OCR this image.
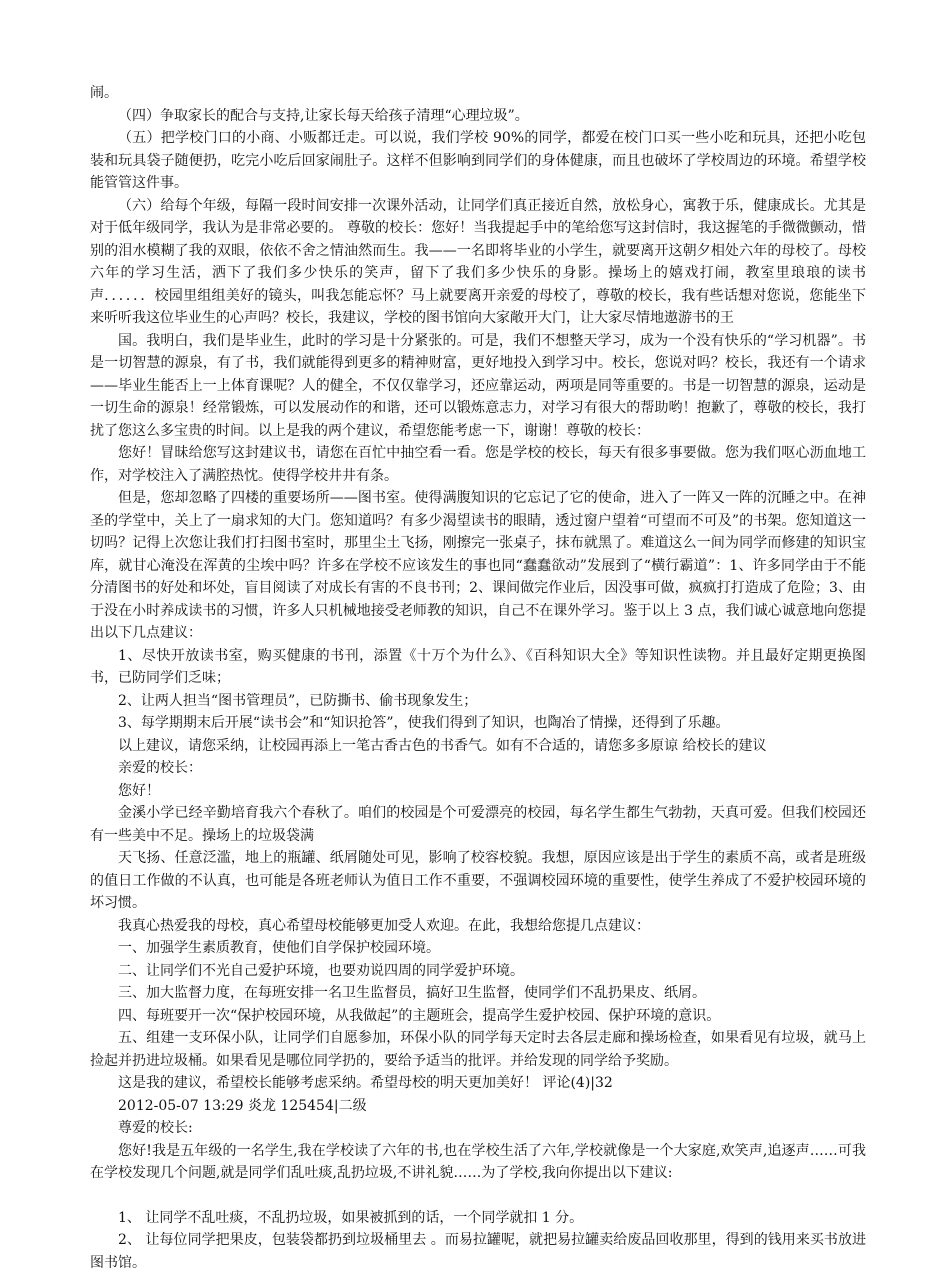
闹。

（四）争取家长的配合与支持,让家长每天给孩子清理“心理垃圾”。

（五）把学校门口的小商、小贩都迁走。可以说，我们学校 90%的同学，都爱在校门口买一些小吃和玩具，还把小吃包装和玩具袋子随便扔，吃完小吃后回家闹肚子。这样不但影响到同学们的身体健康，而且也破坏了学校周边的环境。希望学校能管管这件事。

（六）给每个年级，每隔一段时间安排一次课外活动，让同学们真正接近自然，放松身心，寓教于乐，健康成长。尤其是对于低年级同学，我认为是非常必要的。 尊敬的校长：您好！当我提起手中的笔给您写这封信时，我这握笔的手微微颤动，惜别的泪水模糊了我的双眼，依依不舍之情油然而生。我——一名即将毕业的小学生，就要离开这朝夕相处六年的母校了。母校六年的学习生活，洒下了我们多少快乐的笑声，留下了我们多少快乐的身影。操场上的嬉戏打闹，教室里琅琅的读书声．．．．．．校园里组组美好的镜头，叫我怎能忘怀？马上就要离开亲爱的母校了，尊敬的校长，我有些话想对您说，您能坐下来听听我这位毕业生的心声吗？校长，我建议，学校的图书馆向大家敞开大门，让大家尽情地遨游书的王

国。我明白，我们是毕业生，此时的学习是十分紧张的。可是，我们不想整天学习，成为一个没有快乐的“学习机器”。书是一切智慧的源泉，有了书，我们就能得到更多的精神财富，更好地投入到学习中。校长，您说对吗？校长，我还有一个请求——毕业生能否上一上体育课呢？人的健全，不仅仅靠学习，还应靠运动，两项是同等重要的。书是一切智慧的源泉，运动是一切生命的源泉！经常锻炼，可以发展动作的和谐，还可以锻炼意志力，对学习有很大的帮助哟！抱歉了，尊敬的校长，我打扰了您这么多宝贵的时间。以上是我的两个建议，希望您能考虑一下，谢谢！尊敬的校长：

您好！冒昧给您写这封建议书，请您在百忙中抽空看一看。您是学校的校长，每天有很多事要做。您为我们呕心沥血地工作，对学校注入了满腔热忱。使得学校井井有条。

但是，您却忽略了四楼的重要场所——图书室。使得满腹知识的它忘记了它的使命，进入了一阵又一阵的沉睡之中。在神圣的学堂中，关上了一扇求知的大门。您知道吗？有多少渴望读书的眼睛，透过窗户望着“可望而不可及”的书架。您知道这一切吗？记得上次您让我们打扫图书室时，那里尘土飞扬，刚擦完一张桌子，抹布就黑了。难道这么一间为同学而修建的知识宝库，就甘心淹没在浑黄的尘埃中吗？许多在学校不应该发生的事也同“蠢蠢欲动”发展到了“横行霸道”：1、许多同学由于不能分清图书的好处和坏处，盲目阅读了对成长有害的不良书刊；2、课间做完作业后，因没事可做，疯疯打打造成了危险；3、由于没在小时养成读书的习惯，许多人只机械地接受老师教的知识，自己不在课外学习。鉴于以上 3 点，我们诚心诚意地向您提出以下几点建议：

1、尽快开放读书室，购买健康的书刊，添置《十万个为什么》、《百科知识大全》等知识性读物。并且最好定期更换图书，已防同学们乏味；

2、让两人担当“图书管理员”，已防撕书、偷书现象发生；

3、每学期期末后开展“读书会”和“知识抢答”，使我们得到了知识，也陶冶了情操，还得到了乐趣。

以上建议，请您采纳，让校园再添上一笔古香古色的书香气。如有不合适的，请您多多原谅 给校长的建议

亲爱的校长：

您好！

金溪小学已经辛勤培育我六个春秋了。咱们的校园是个可爱漂亮的校园，每名学生都生气勃勃，天真可爱。但我们校园还有一些美中不足。操场上的垃圾袋满

天飞扬、任意泛滥，地上的瓶罐、纸屑随处可见，影响了校容校貌。我想，原因应该是出于学生的素质不高，或者是班级的值日工作做的不认真，也可能是各班老师认为值日工作不重要，不强调校园环境的重要性，使学生养成了不爱护校园环境的坏习惯。

我真心热爱我的母校，真心希望母校能够更加受人欢迎。在此，我想给您提几点建议：

一、加强学生素质教育，使他们自学保护校园环境。

二、让同学们不光自己爱护环境，也要劝说四周的同学爱护环境。

三、加大监督力度，在每班安排一名卫生监督员，搞好卫生监督，使同学们不乱扔果皮、纸屑。

四、每班要开一次“保护校园环境，从我做起”的主题班会，提高学生爱护校园、保护环境的意识。

五、组建一支环保小队，让同学们自愿参加，环保小队的同学每天定时去各层走廊和操场检查，如果看见有垃圾，就马上捡起并扔进垃圾桶。如果看见是哪位同学扔的，要给予适当的批评。并给发现的同学给予奖励。

这是我的建议，希望校长能够考虑采纳。希望母校的明天更加美好！ 评论(4)|32

2012-05-07 13:29 炎龙 125454|二级

尊爱的校长:

您好!我是五年级的一名学生,我在学校读了六年的书,也在学校生活了六年,学校就像是一个大家庭,欢笑声,追逐声……可我在学校发现几个问题,就是同学们乱吐痰,乱扔垃圾,不讲礼貌……为了学校,我向你提出以下建议:

1、 让同学不乱吐痰，不乱扔垃圾，如果被抓到的话，一个同学就扣 1 分。

2、 让每位同学把果皮，包装袋都扔到垃圾桶里去 。而易拉罐呢，就把易拉罐卖给废品回收那里，得到的钱用来买书放进图书馆。
